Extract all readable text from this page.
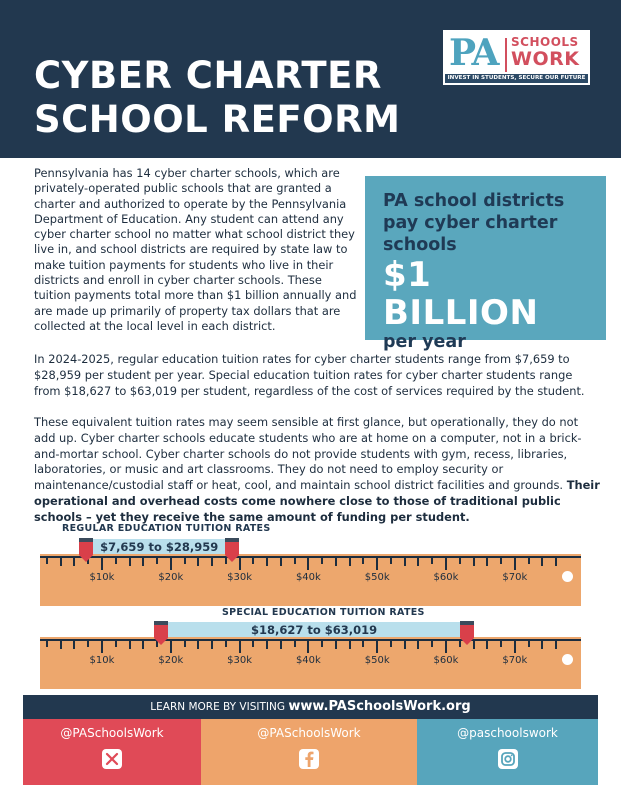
CYBER CHARTER
SCHOOL REFORM
PA SCHOOLS
WORK
INVEST IN STUDENTS, SECURE OUR FUTURE

Pennsylvania has 14 cyber charter schools, which are privately-operated public schools that are granted a charter and authorized to operate by the Pennsylvania Department of Education. Any student can attend any cyber charter school no matter what school district they live in, and school districts are required by state law to make tuition payments for students who live in their districts and enroll in cyber charter schools. These tuition payments total more than $1 billion annually and are made up primarily of property tax dollars that are collected at the local level in each district.

PA school districts pay cyber charter schools
$1 BILLION
per year

In 2024-2025, regular education tuition rates for cyber charter students range from $7,659 to $28,959 per student per year. Special education tuition rates for cyber charter students range from $18,627 to $63,019 per student, regardless of the cost of services required by the student.

These equivalent tuition rates may seem sensible at first glance, but operationally, they do not add up. Cyber charter schools educate students who are at home on a computer, not in a brick-and-mortar school. Cyber charter schools do not provide students with gym, recess, libraries, laboratories, or music and art classrooms. They do not need to employ security or maintenance/custodial staff or heat, cool, and maintain school district facilities and grounds. Their operational and overhead costs come nowhere close to those of traditional public schools – yet they receive the same amount of funding per student.

REGULAR EDUCATION TUITION RATES
$7,659 to $28,959
$10k	$20k	$30k	$40k	$50k	$60k	$70k
SPECIAL EDUCATION TUITION RATES
$18,627 to $63,019
$10k	$20k	$30k	$40k	$50k	$60k	$70k
LEARN MORE BY VISITING www.PASchoolsWork.org
@PASchoolsWork	@PASchoolsWork	@paschoolswork
